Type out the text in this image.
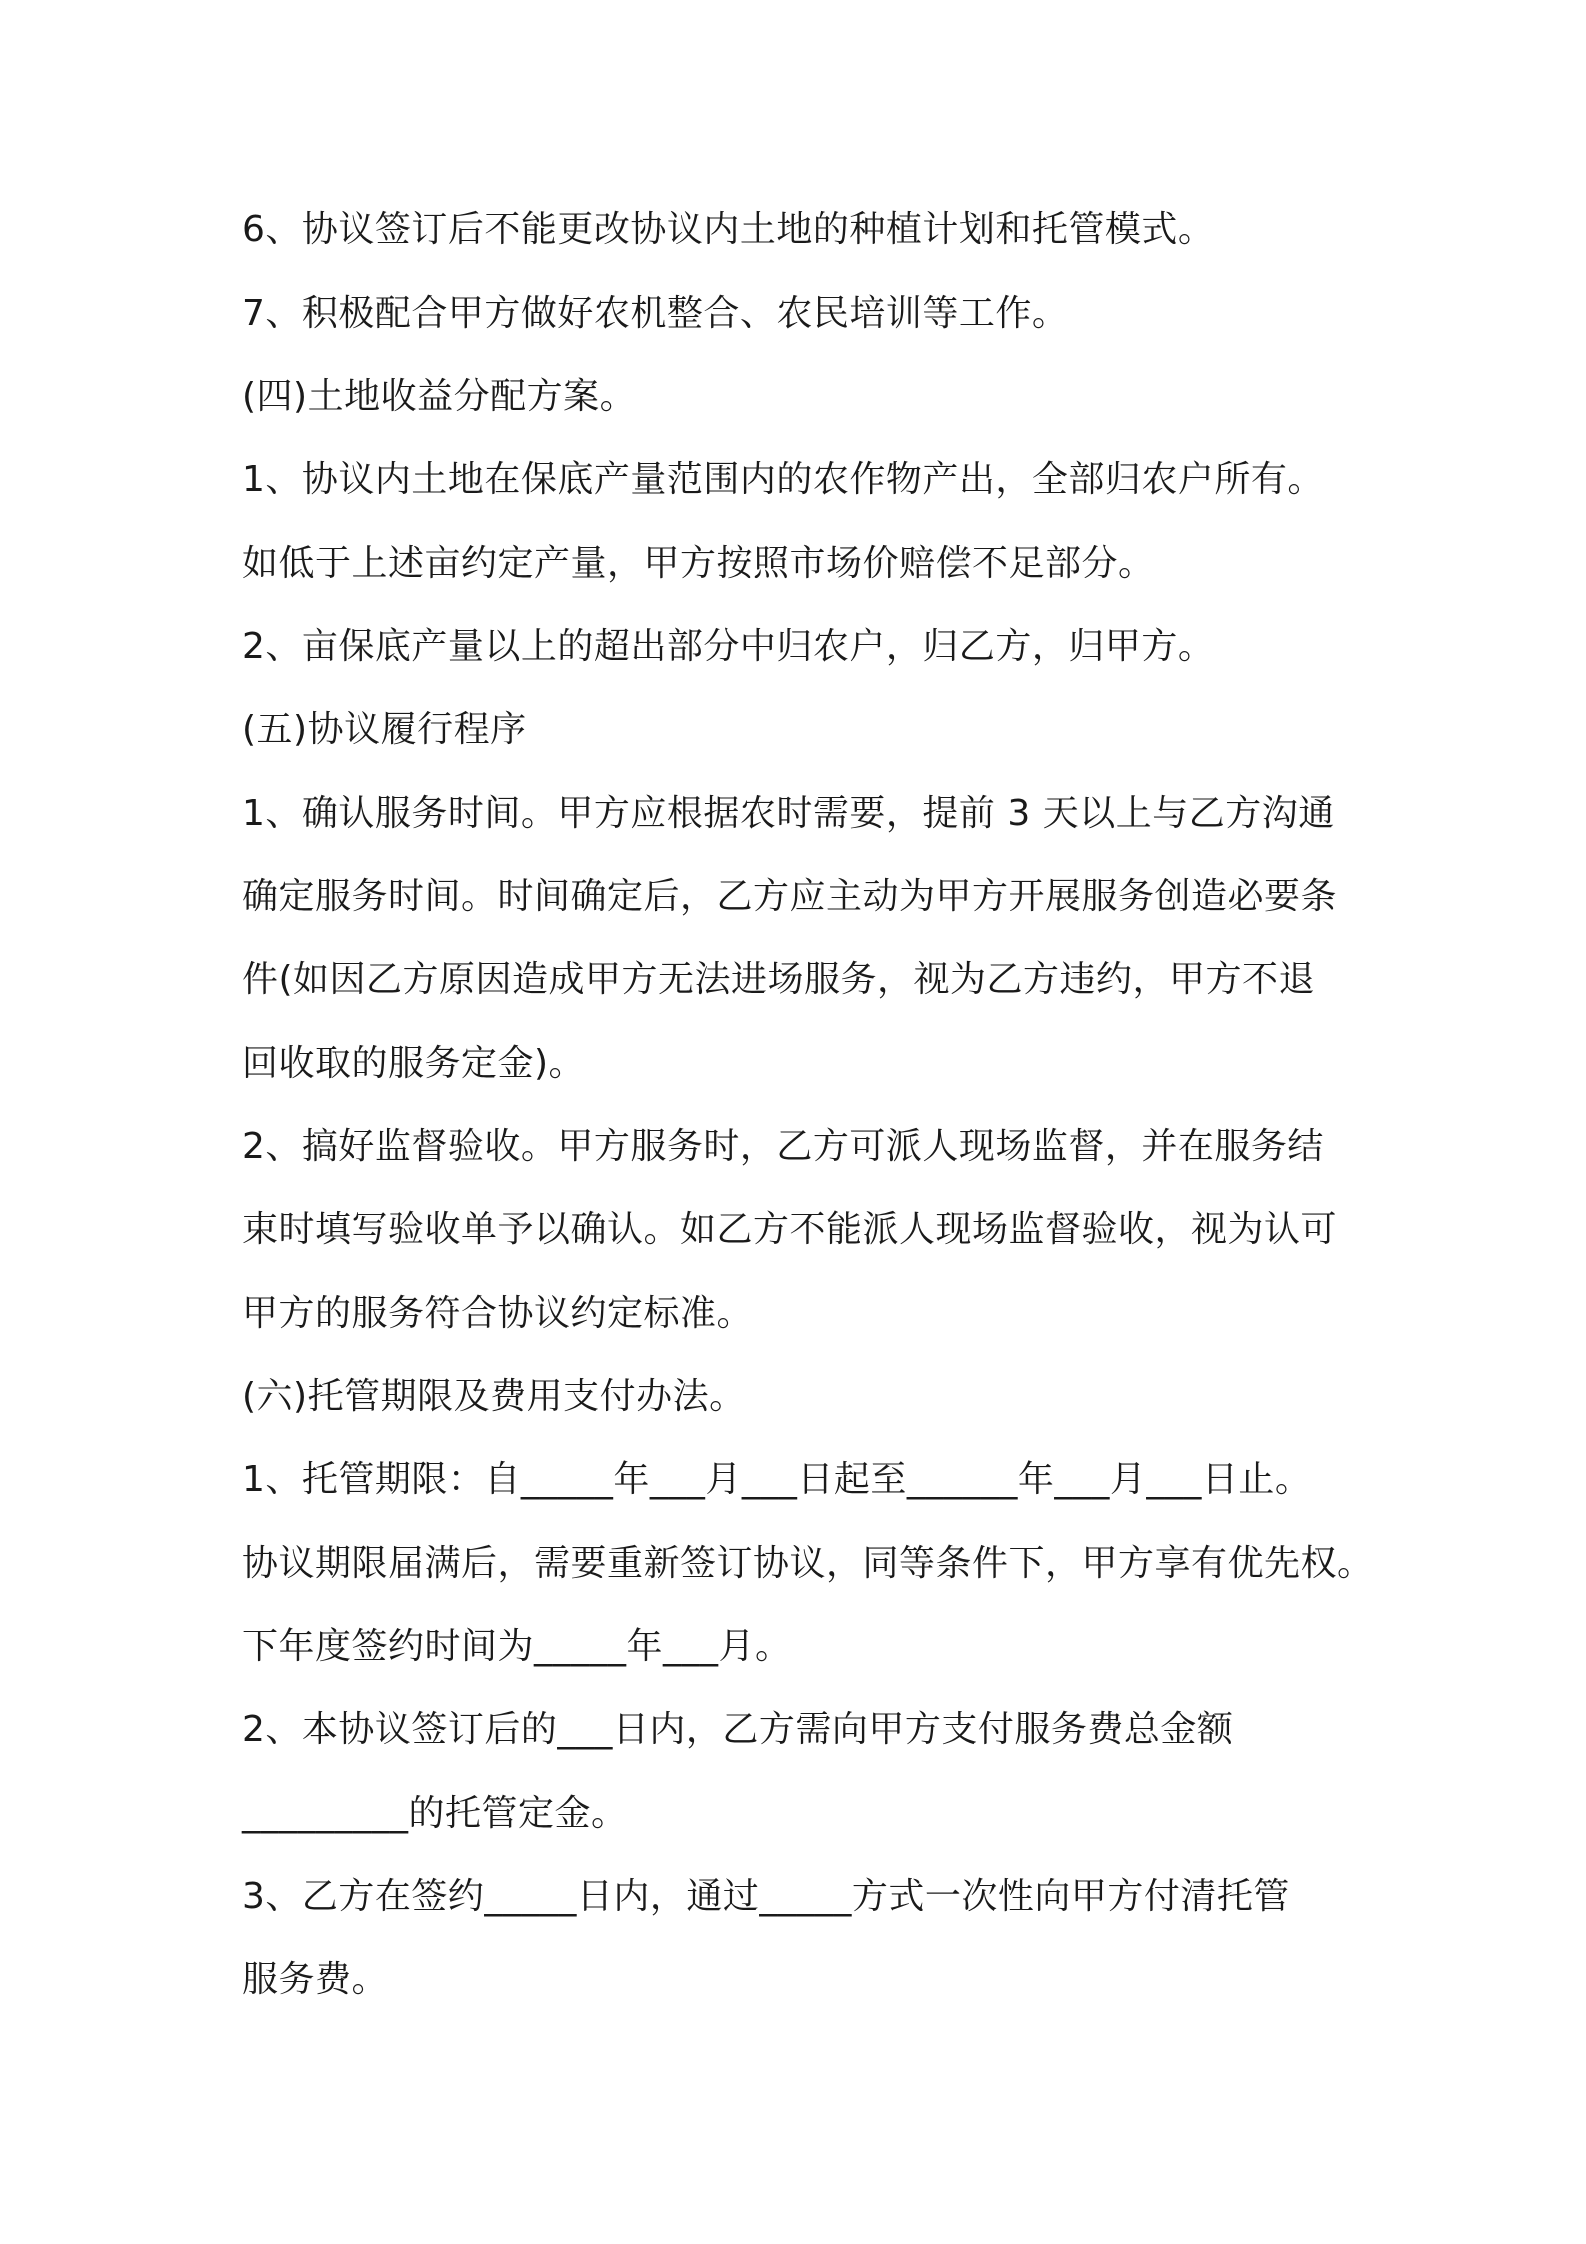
6、协议签订后不能更改协议内土地的种植计划和托管模式。

7、积极配合甲方做好农机整合、农民培训等工作。

(四)土地收益分配方案。

1、协议内土地在保底产量范围内的农作物产出，全部归农户所有。

如低于上述亩约定产量，甲方按照市场价赔偿不足部分。

2、亩保底产量以上的超出部分中归农户，归乙方，归甲方。

(五)协议履行程序

1、确认服务时间。甲方应根据农时需要，提前 3 天以上与乙方沟通

确定服务时间。时间确定后，乙方应主动为甲方开展服务创造必要条

件(如因乙方原因造成甲方无法进场服务，视为乙方违约，甲方不退

回收取的服务定金)。

2、搞好监督验收。甲方服务时，乙方可派人现场监督，并在服务结

束时填写验收单予以确认。如乙方不能派人现场监督验收，视为认可

甲方的服务符合协议约定标准。

(六)托管期限及费用支付办法。

1、托管期限：自_____年___月___日起至______年___月___日止。

协议期限届满后，需要重新签订协议，同等条件下，甲方享有优先权。

下年度签约时间为_____年___月。

2、本协议签订后的___日内，乙方需向甲方支付服务费总金额

_________的托管定金。

3、乙方在签约_____日内，通过_____方式一次性向甲方付清托管

服务费。
